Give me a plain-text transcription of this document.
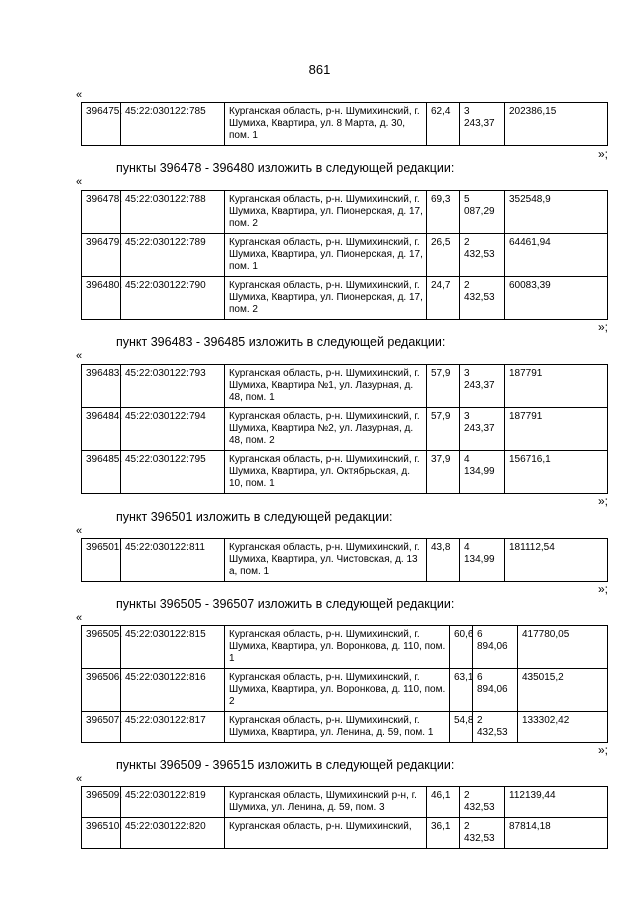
861
«
396475.	45:22:030122:785	Курганская область, р-н. Шумихинский, г. Шумиха, Квартира, ул. 8 Марта, д. 30, пом. 1	62,4	3 243,37	202386,15
»;
пункты 396478 - 396480 изложить в следующей редакции:
«
396478.	45:22:030122:788	Курганская область, р-н. Шумихинский, г. Шумиха, Квартира, ул. Пионерская, д. 17, пом. 2	69,3	5 087,29	352548,9
396479.	45:22:030122:789	Курганская область, р-н. Шумихинский, г. Шумиха, Квартира, ул. Пионерская, д. 17, пом. 1	26,5	2 432,53	64461,94
396480.	45:22:030122:790	Курганская область, р-н. Шумихинский, г. Шумиха, Квартира, ул. Пионерская, д. 17, пом. 2	24,7	2 432,53	60083,39
»;
пункт 396483 - 396485 изложить в следующей редакции:
«
396483.	45:22:030122:793	Курганская область, р-н. Шумихинский, г. Шумиха, Квартира №1, ул. Лазурная, д. 48, пом. 1	57,9	3 243,37	187791
396484.	45:22:030122:794	Курганская область, р-н. Шумихинский, г. Шумиха, Квартира №2, ул. Лазурная, д. 48, пом. 2	57,9	3 243,37	187791
396485.	45:22:030122:795	Курганская область, р-н. Шумихинский, г. Шумиха, Квартира, ул. Октябрьская, д. 10, пом. 1	37,9	4 134,99	156716,1
»;
пункт 396501 изложить в следующей редакции:
«
396501.	45:22:030122:811	Курганская область, р-н. Шумихинский, г. Шумиха, Квартира, ул. Чистовская, д. 13 а, пом. 1	43,8	4 134,99	181112,54
»;
пункты 396505 - 396507 изложить в следующей редакции:
«
396505.	45:22:030122:815	Курганская область, р-н. Шумихинский, г. Шумиха, Квартира, ул. Воронкова, д. 110, пом. 1	60,6	6 894,06	417780,05
396506.	45:22:030122:816	Курганская область, р-н. Шумихинский, г. Шумиха, Квартира, ул. Воронкова, д. 110, пом. 2	63,1	6 894,06	435015,2
396507.	45:22:030122:817	Курганская область, р-н. Шумихинский, г. Шумиха, Квартира, ул. Ленина, д. 59, пом. 1	54,8	2 432,53	133302,42
»;
пункты 396509 - 396515 изложить в следующей редакции:
«
396509.	45:22:030122:819	Курганская область, Шумихинский р-н, г. Шумиха, ул. Ленина, д. 59, пом. 3	46,1	2 432,53	112139,44
396510.	45:22:030122:820	Курганская область, р-н. Шумихинский,	36,1	2 432,53	87814,18
